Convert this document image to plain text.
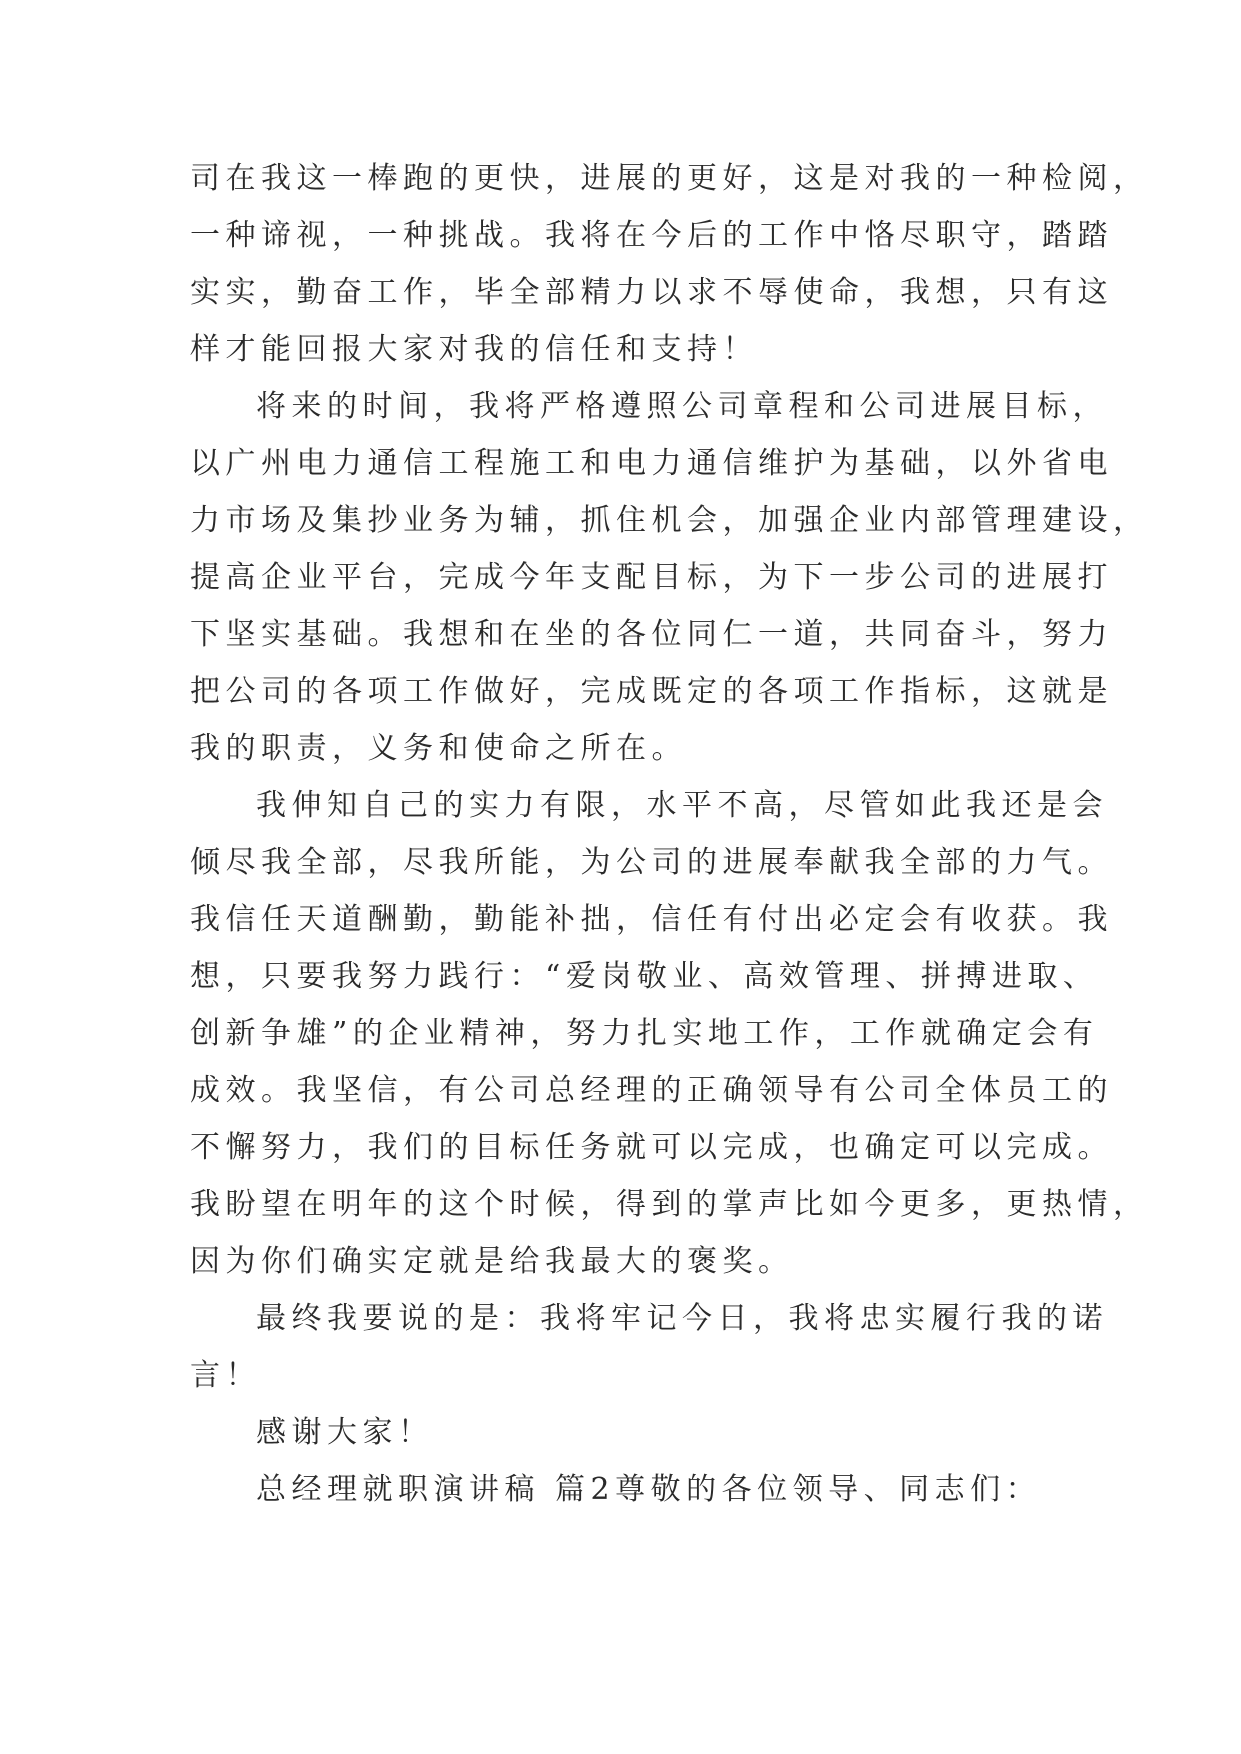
司在我这一棒跑的更快，进展的更好，这是对我的一种检阅，
一种谛视，一种挑战。我将在今后的工作中恪尽职守，踏踏
实实，勤奋工作，毕全部精力以求不辱使命，我想，只有这
样才能回报大家对我的信任和支持！
将来的时间，我将严格遵照公司章程和公司进展目标，
以广州电力通信工程施工和电力通信维护为基础，以外省电
力市场及集抄业务为辅，抓住机会，加强企业内部管理建设，
提高企业平台，完成今年支配目标，为下一步公司的进展打
下坚实基础。我想和在坐的各位同仁一道，共同奋斗，努力
把公司的各项工作做好，完成既定的各项工作指标，这就是
我的职责，义务和使命之所在。
我伸知自己的实力有限，水平不高，尽管如此我还是会
倾尽我全部，尽我所能，为公司的进展奉献我全部的力气。
我信任天道酬勤，勤能补拙，信任有付出必定会有收获。我
想，只要我努力践行：“爱岗敬业、高效管理、拼搏进取、
创新争雄”的企业精神，努力扎实地工作，工作就确定会有
成效。我坚信，有公司总经理的正确领导有公司全体员工的
不懈努力，我们的目标任务就可以完成，也确定可以完成。
我盼望在明年的这个时候，得到的掌声比如今更多，更热情，
因为你们确实定就是给我最大的褒奖。
最终我要说的是：我将牢记今日，我将忠实履行我的诺
言！
感谢大家！
总经理就职演讲稿 篇2尊敬的各位领导、同志们：
